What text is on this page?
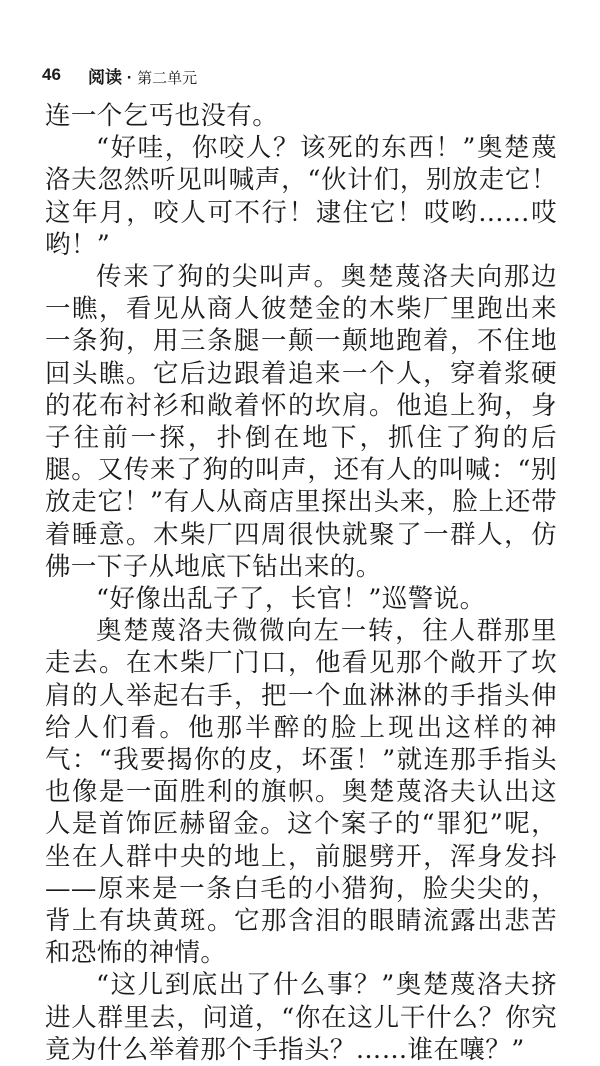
46	阅读 · 第二单元

连一个乞丐也没有。

“好哇，你咬人？该死的东西！”奥楚蔑洛夫忽然听见叫喊声，“伙计们，别放走它！这年月，咬人可不行！逮住它！哎哟……哎哟！”

传来了狗的尖叫声。奥楚蔑洛夫向那边一瞧，看见从商人彼楚金的木柴厂里跑出来一条狗，用三条腿一颠一颠地跑着，不住地回头瞧。它后边跟着追来一个人，穿着浆硬的花布衬衫和敞着怀的坎肩。他追上狗，身子往前一探，扑倒在地下，抓住了狗的后腿。又传来了狗的叫声，还有人的叫喊：“别放走它！”有人从商店里探出头来，脸上还带着睡意。木柴厂四周很快就聚了一群人，仿佛一下子从地底下钻出来的。

“好像出乱子了，长官！”巡警说。

奥楚蔑洛夫微微向左一转，往人群那里走去。在木柴厂门口，他看见那个敞开了坎肩的人举起右手，把一个血淋淋的手指头伸给人们看。他那半醉的脸上现出这样的神气：“我要揭你的皮，坏蛋！”就连那手指头也像是一面胜利的旗帜。奥楚蔑洛夫认出这人是首饰匠赫留金。这个案子的“罪犯”呢，坐在人群中央的地上，前腿劈开，浑身发抖——原来是一条白毛的小猎狗，脸尖尖的，背上有块黄斑。它那含泪的眼睛流露出悲苦和恐怖的神情。

“这儿到底出了什么事？”奥楚蔑洛夫挤进人群里去，问道，“你在这儿干什么？你究竟为什么举着那个手指头？……谁在嚷？”
